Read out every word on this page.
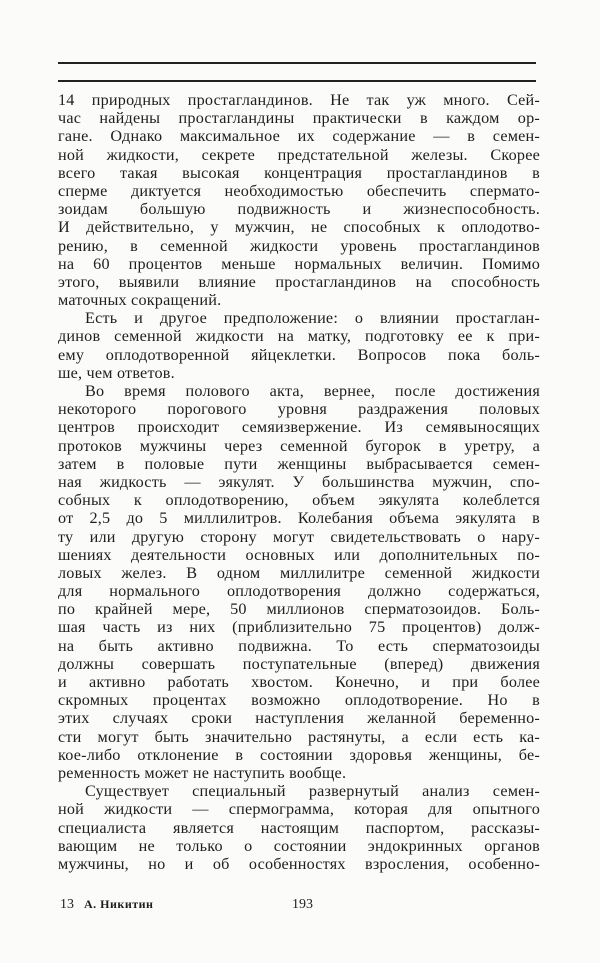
14 природных простагландинов. Не так уж много. Сей-
час найдены простагландины практически в каждом ор-
гане. Однако максимальное их содержание — в семен-
ной жидкости, секрете предстательной железы. Скорее
всего такая высокая концентрация простагландинов в
сперме диктуется необходимостью обеспечить сперматo-
зоидам большую подвижность и жизнеспособность.
И действительно, у мужчин, не способных к оплодотво-
рению, в семенной жидкости уровень простагландинов
на 60 процентов меньше нормальных величин. Помимо
этого, выявили влияние простагландинов на способность
маточных сокращений.
Есть и другое предположение: о влиянии простаглан-
динов семенной жидкости на матку, подготовку ее к при-
ему оплодотворенной яйцеклетки. Вопросов пока боль-
ше, чем ответов.
Во время полового акта, вернее, после достижения
некоторого порогового уровня раздражения половых
центров происходит семяизвержение. Из семявыносящих
протоков мужчины через семенной бугорок в уретру, а
затем в половые пути женщины выбрасывается семен-
ная жидкость — эякулят. У большинства мужчин, спо-
собных к оплодотворению, объем эякулята колеблется
от 2,5 до 5 миллилитров. Колебания объема эякулята в
ту или другую сторону могут свидетельствовать о нару-
шениях деятельности основных или дополнительных по-
ловых желез. В одном миллилитре семенной жидкости
для нормального оплодотворения должно содержаться,
по крайней мере, 50 миллионов сперматозоидов. Боль-
шая часть из них (приблизительно 75 процентов) долж-
на быть активно подвижна. То есть сперматозоиды
должны совершать поступательные (вперед) движения
и активно работать хвостом. Конечно, и при более
скромных процентах возможно оплодотворение. Но в
этих случаях сроки наступления желанной беременно-
сти могут быть значительно растянуты, а если есть ка-
кое-либо отклонение в состоянии здоровья женщины, бе-
ременность может не наступить вообще.
Существует специальный развернутый анализ семен-
ной жидкости — спермограмма, которая для опытного
специалиста является настоящим паспортом, рассказы-
вающим не только о состоянии эндокринных органов
мужчины, но и об особенностях взросления, особенно-
13 А. Никитин	193
